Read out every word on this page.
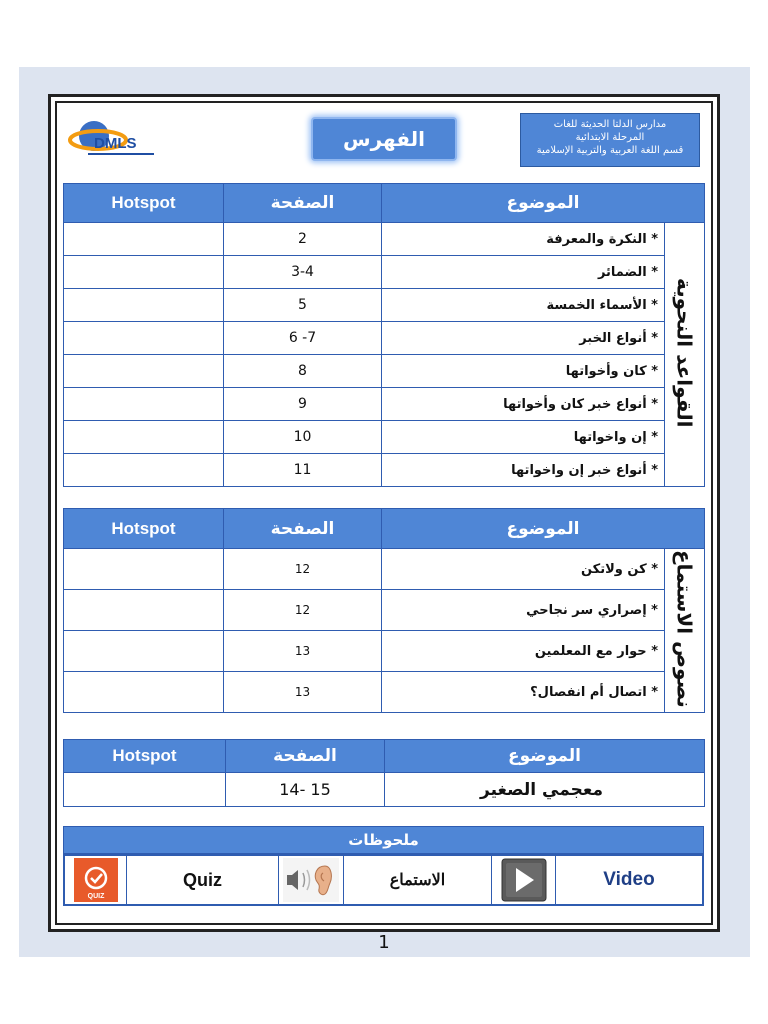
DMLS	الفهرس
مدارس الدلتا الحديثة للغات
المرحلة الابتدائية
قسم اللغة العربية والتربية الإسلامية
Hotspot	الصفحة	الموضوع	
	2	* النكرة والمعرفة	القواعد النحوية
	3-4	* الضمائر	
	5	* الأسماء الخمسة	
	6 -7	* أنواع الخبر	
	8	* كان وأخواتها	
	9	* أنواع خبر كان وأخواتها	
	10	* إن واخواتها	
	11	* أنواع خبر إن واخواتها	
Hotspot	الصفحة	الموضوع	
	12	* كن ولاتكن	نصوص الاستماع
	12	* إصراري سر نجاحي	
	13	* حوار مع المعلمين	
	13	* اتصال أم انفصال؟	
Hotspot	الصفحة	الموضوع
	14- 15	معجمي الصغير
ملحوظات
QUIZ
Quiz	الاستماع	Video
1
